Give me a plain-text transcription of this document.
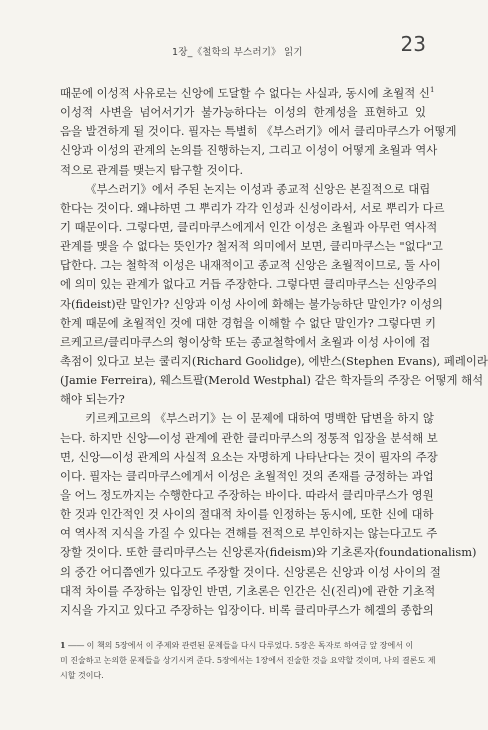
1장_《철학의 부스러기》 읽기	23
때문에 이성적 사유로는 신앙에 도달할 수 없다는 사실과, 동시에 초월적 신$^1$
이성적 사변을 넘어서기가 불가능하다는 이성의 한계성을 표현하고 있
음을 발견하게 될 것이다. 필자는 특별히 《부스러기》에서 클리마쿠스가 어떻게
신앙과 이성의 관계의 논의를 진행하는지, 그리고 이성이 어떻게 초월과 역사
적으로 관계를 맺는지 탐구할 것이다.
《부스러기》에서 주된 논지는 이성과 종교적 신앙은 본질적으로 대립
한다는 것이다. 왜냐하면 그 뿌리가 각각 인성과 신성이라서, 서로 뿌리가 다르
기 때문이다. 그렇다면, 클리마쿠스에게서 인간 이성은 초월과 아무런 역사적
관계를 맺을 수 없다는 뜻인가? 철저적 의미에서 보면, 클리마쿠스는 "없다"고
답한다. 그는 철학적 이성은 내재적이고 종교적 신앙은 초월적이므로, 둘 사이
에 의미 있는 관계가 없다고 거듭 주장한다. 그렇다면 클리마쿠스는 신앙주의
자(fideist)란 말인가? 신앙과 이성 사이에 화해는 불가능하단 말인가? 이성의
한계 때문에 초월적인 것에 대한 경험을 이해할 수 없단 말인가? 그렇다면 키
르케고르/클리마쿠스의 형이상학 또는 종교철학에서 초월과 이성 사이에 접
촉점이 있다고 보는 쿨리지(Richard Goolidge), 에반스(Stephen Evans), 페레이라
(Jamie Ferreira), 웨스트팔(Merold Westphal) 같은 학자들의 주장은 어떻게 해석
해야 되는가?
키르케고르의 《부스러기》는 이 문제에 대하여 명백한 답변을 하지 않
는다. 하지만 신앙―이성 관계에 관한 클리마쿠스의 정통적 입장을 분석해 보
면, 신앙―이성 관계의 사실적 요소는 자명하게 나타난다는 것이 필자의 주장
이다. 필자는 클리마쿠스에게서 이성은 초월적인 것의 존재를 긍정하는 과업
을 어느 정도까지는 수행한다고 주장하는 바이다. 따라서 클리마쿠스가 영원
한 것과 인간적인 것 사이의 절대적 차이를 인정하는 동시에, 또한 신에 대하
여 역사적 지식을 가질 수 있다는 견해를 전적으로 부인하지는 않는다고도 주
장할 것이다. 또한 클리마쿠스는 신앙론자(fideism)와 기초론자(foundationalism)
의 중간 어디쯤엔가 있다고도 주장할 것이다. 신앙론은 신앙과 이성 사이의 절
대적 차이를 주장하는 입장인 반면, 기초론은 인간은 신(진리)에 관한 기초적
지식을 가지고 있다고 주장하는 입장이다. 비록 클리마쿠스가 헤겔의 종합의
1 ―― 이 책의 5장에서 이 주제와 관련된 문제들을 다시 다루었다. 5장은 독자로 하여금 앞 장에서 이
미 진술하고 논의한 문제들을 상기시켜 준다. 5장에서는 1장에서 진술한 것을 요약할 것이며, 나의 결론도 제
시할 것이다.
